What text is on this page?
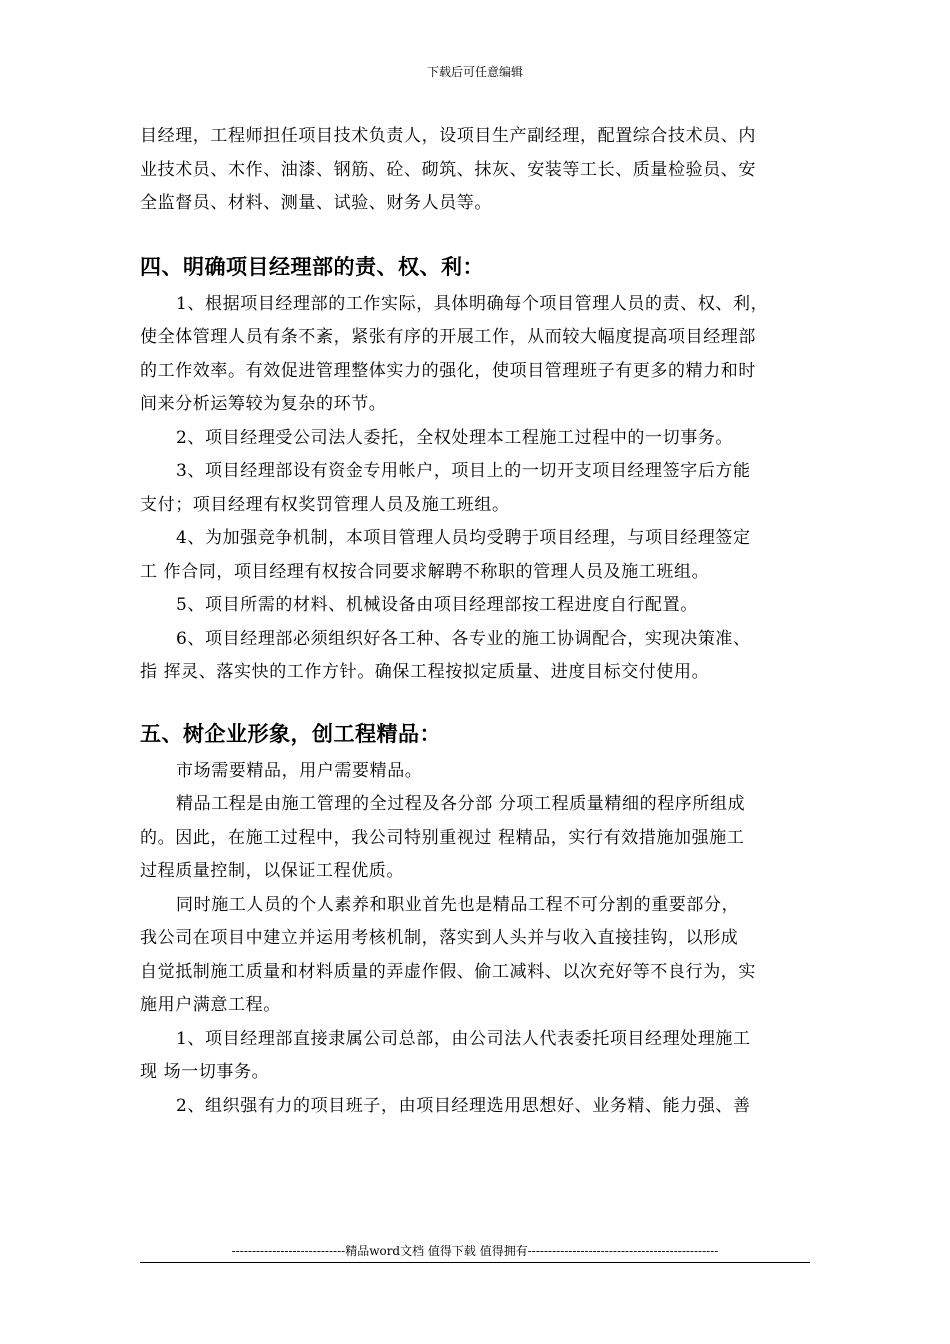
下载后可任意编辑

目经理，工程师担任项目技术负责人，设项目生产副经理，配置综合技术员、内

业技术员、木作、油漆、钢筋、砼、砌筑、抹灰、安装等工长、质量检验员、安

全监督员、材料、测量、试验、财务人员等。

四、明确项目经理部的责、权、利：

1、根据项目经理部的工作实际，具体明确每个项目管理人员的责、权、利，

使全体管理人员有条不紊，紧张有序的开展工作，从而较大幅度提高项目经理部

的工作效率。有效促进管理整体实力的强化，使项目管理班子有更多的精力和时

间来分析运筹较为复杂的环节。

2、项目经理受公司法人委托，全权处理本工程施工过程中的一切事务。

3、项目经理部设有资金专用帐户，项目上的一切开支项目经理签字后方能

支付；项目经理有权奖罚管理人员及施工班组。

4、为加强竞争机制，本项目管理人员均受聘于项目经理，与项目经理签定

工 作合同，项目经理有权按合同要求解聘不称职的管理人员及施工班组。

5、项目所需的材料、机械设备由项目经理部按工程进度自行配置。

6、项目经理部必须组织好各工种、各专业的施工协调配合，实现决策准、

指 挥灵、落实快的工作方针。确保工程按拟定质量、进度目标交付使用。

五、树企业形象，创工程精品：

市场需要精品，用户需要精品。

精品工程是由施工管理的全过程及各分部 分项工程质量精细的程序所组成

的。因此，在施工过程中，我公司特别重视过 程精品，实行有效措施加强施工

过程质量控制，以保证工程优质。

同时施工人员的个人素养和职业首先也是精品工程不可分割的重要部分，

我公司在项目中建立并运用考核机制，落实到人头并与收入直接挂钩，以形成

自觉抵制施工质量和材料质量的弄虚作假、偷工减料、以次充好等不良行为，实

施用户满意工程。

1、项目经理部直接隶属公司总部，由公司法人代表委托项目经理处理施工

现 场一切事务。

2、组织强有力的项目班子，由项目经理选用思想好、业务精、能力强、善

----------------------------精品word文档 值得下载 值得拥有-----------------------------------------------
